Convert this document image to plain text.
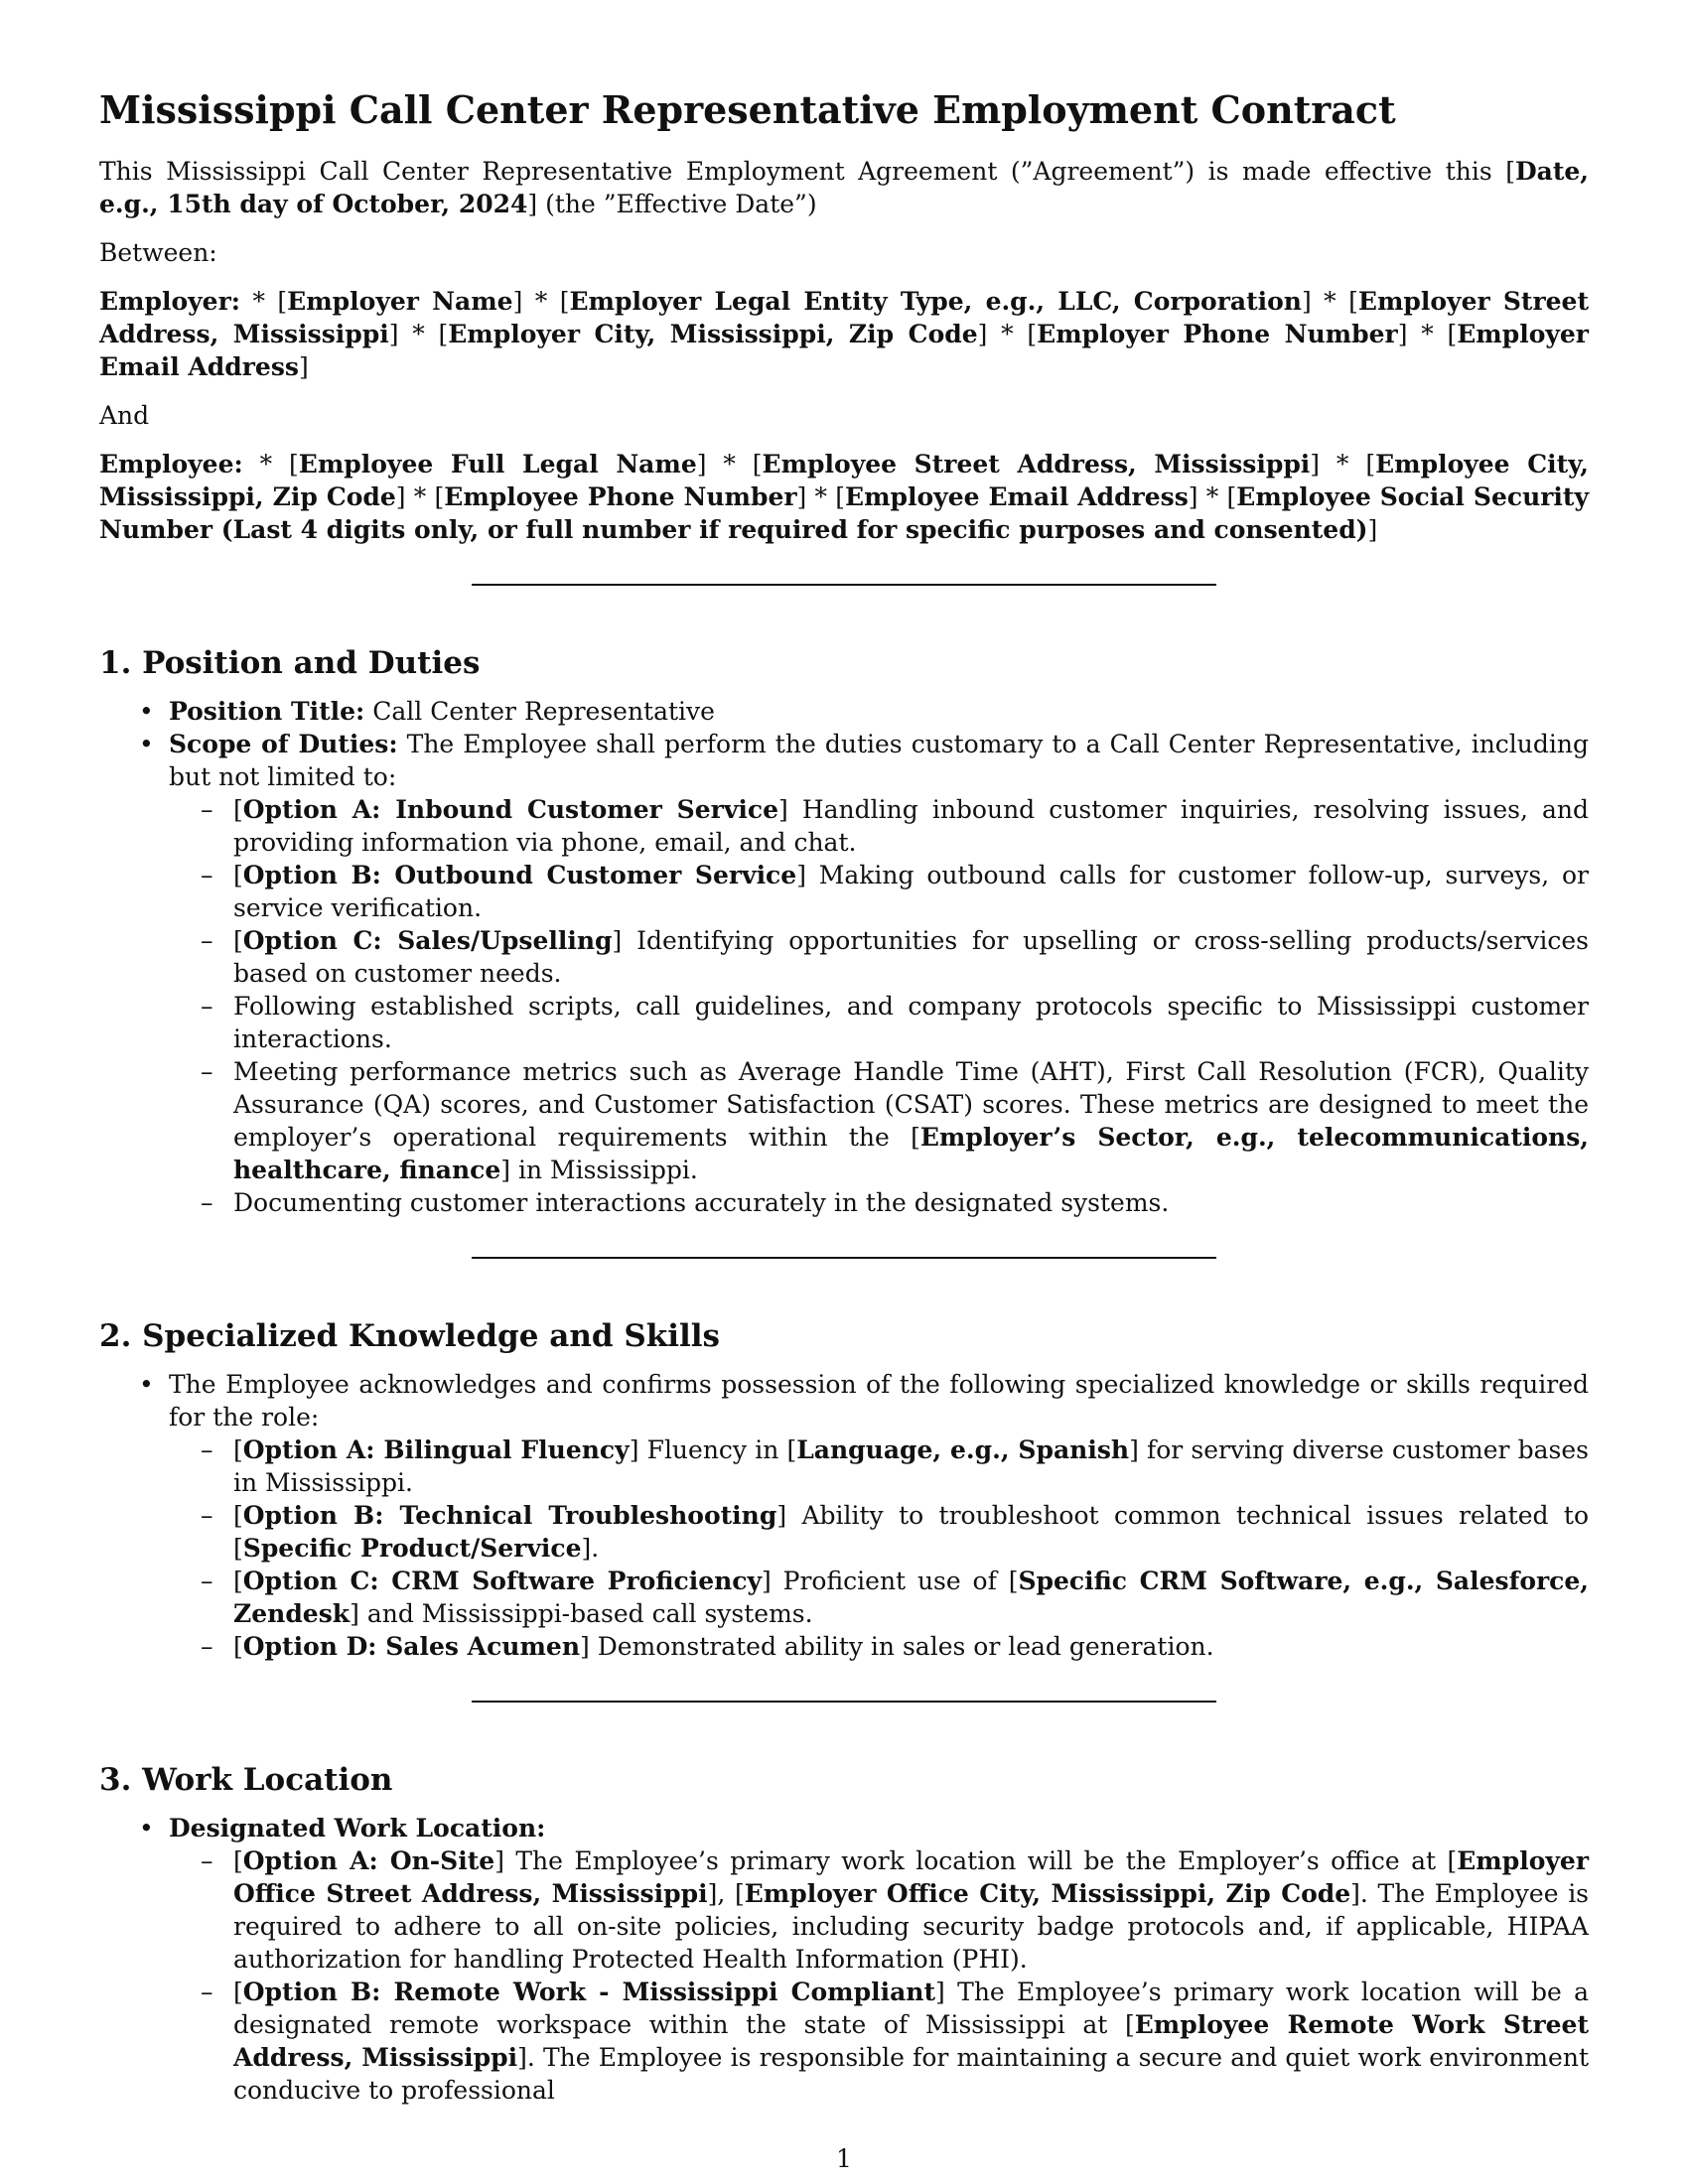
Mississippi Call Center Representative Employment Contract

This Mississippi Call Center Representative Employment Agreement (”Agreement”) is made effective this [Date, e.g., 15th day of October, 2024] (the ”Effective Date”)

Between:

Employer: * [Employer Name] * [Employer Legal Entity Type, e.g., LLC, Corporation] * [Employer Street Address, Mississippi] * [Employer City, Mississippi, Zip Code] * [Employer Phone Number] * [Employer Email Address]

And

Employee: * [Employee Full Legal Name] * [Employee Street Address, Mississippi] * [Employee City, Mississippi, Zip Code] * [Employee Phone Number] * [Employee Email Address] * [Employee Social Security Number (Last 4 digits only, or full number if required for specific purposes and consented)]

1. Position and Duties
• Position Title: Call Center Representative
• Scope of Duties: The Employee shall perform the duties customary to a Call Center Representative, including but not limited to:
– [Option A: Inbound Customer Service] Handling inbound customer inquiries, resolving issues, and providing information via phone, email, and chat.
– [Option B: Outbound Customer Service] Making outbound calls for customer follow-up, surveys, or service verification.
– [Option C: Sales/Upselling] Identifying opportunities for upselling or cross-selling products/services based on customer needs.
– Following established scripts, call guidelines, and company protocols specific to Mississippi customer interactions.
– Meeting performance metrics such as Average Handle Time (AHT), First Call Resolution (FCR), Quality Assurance (QA) scores, and Customer Satisfaction (CSAT) scores. These metrics are designed to meet the employer’s operational requirements within the [Employer’s Sector, e.g., telecommunications, healthcare, finance] in Mississippi.
– Documenting customer interactions accurately in the designated systems.
2. Specialized Knowledge and Skills
• The Employee acknowledges and confirms possession of the following specialized knowledge or skills required for the role:
– [Option A: Bilingual Fluency] Fluency in [Language, e.g., Spanish] for serving diverse customer bases in Mississippi.
– [Option B: Technical Troubleshooting] Ability to troubleshoot common technical issues related to [Specific Product/Service].
– [Option C: CRM Software Proficiency] Proficient use of [Specific CRM Software, e.g., Salesforce, Zendesk] and Mississippi-based call systems.
– [Option D: Sales Acumen] Demonstrated ability in sales or lead generation.
3. Work Location
• Designated Work Location:
– [Option A: On-Site] The Employee’s primary work location will be the Employer’s office at [Employer Office Street Address, Mississippi], [Employer Office City, Mississippi, Zip Code]. The Employee is required to adhere to all on-site policies, including security badge protocols and, if applicable, HIPAA authorization for handling Protected Health Information (PHI).
– [Option B: Remote Work - Mississippi Compliant] The Employee’s primary work location will be a designated remote workspace within the state of Mississippi at [Employee Remote Work Street Address, Mississippi]. The Employee is responsible for maintaining a secure and quiet work environment conducive to professional
1
